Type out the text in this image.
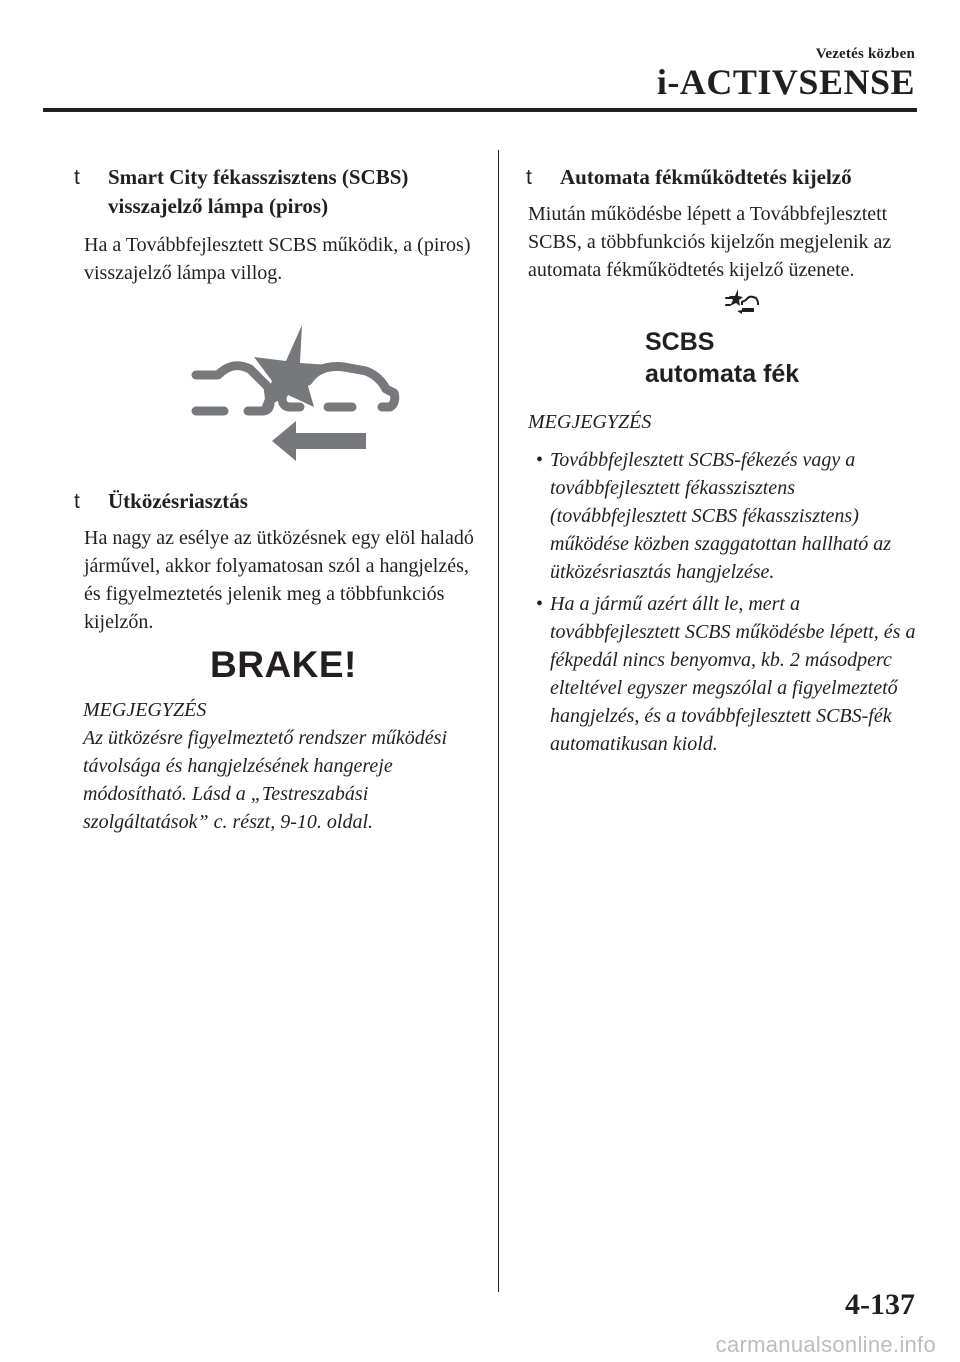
Vezetés közben
i-ACTIVSENSE
t Smart City fékasszisztens (SCBS)
visszajelző lámpa (piros)

Ha a Továbbfejlesztett SCBS működik, a (piros) visszajelző lámpa villog.

t Ütközésriasztás

Ha nagy az esélye az ütközésnek egy elöl haladó járművel, akkor folyamatosan szól a hangjelzés, és figyelmeztetés jelenik meg a többfunkciós kijelzőn.

BRAKE!
MEGJEGYZÉS

Az ütközésre figyelmeztető rendszer működési távolsága és hangjelzésének hangereje módosítható. Lásd a „Testreszabási szolgáltatások” c. részt, 9-10. oldal.

t Automata fékműködtetés kijelző

Miután működésbe lépett a Továbbfejlesztett SCBS, a többfunkciós kijelzőn megjelenik az automata fékműködtetés kijelző üzenete.

SCBS
automata fék
MEGJEGYZÉS
• Továbbfejlesztett SCBS-fékezés vagy a továbbfejlesztett fékasszisztens (továbbfejlesztett SCBS fékasszisztens) működése közben szaggatottan hallható az ütközésriasztás hangjelzése.
• Ha a jármű azért állt le, mert a továbbfejlesztett SCBS működésbe lépett, és a fékpedál nincs benyomva, kb. 2 másodperc elteltével egyszer megszólal a figyelmeztető hangjelzés, és a továbbfejlesztett SCBS-fék automatikusan kiold.
4-137
carmanualsonline.info
